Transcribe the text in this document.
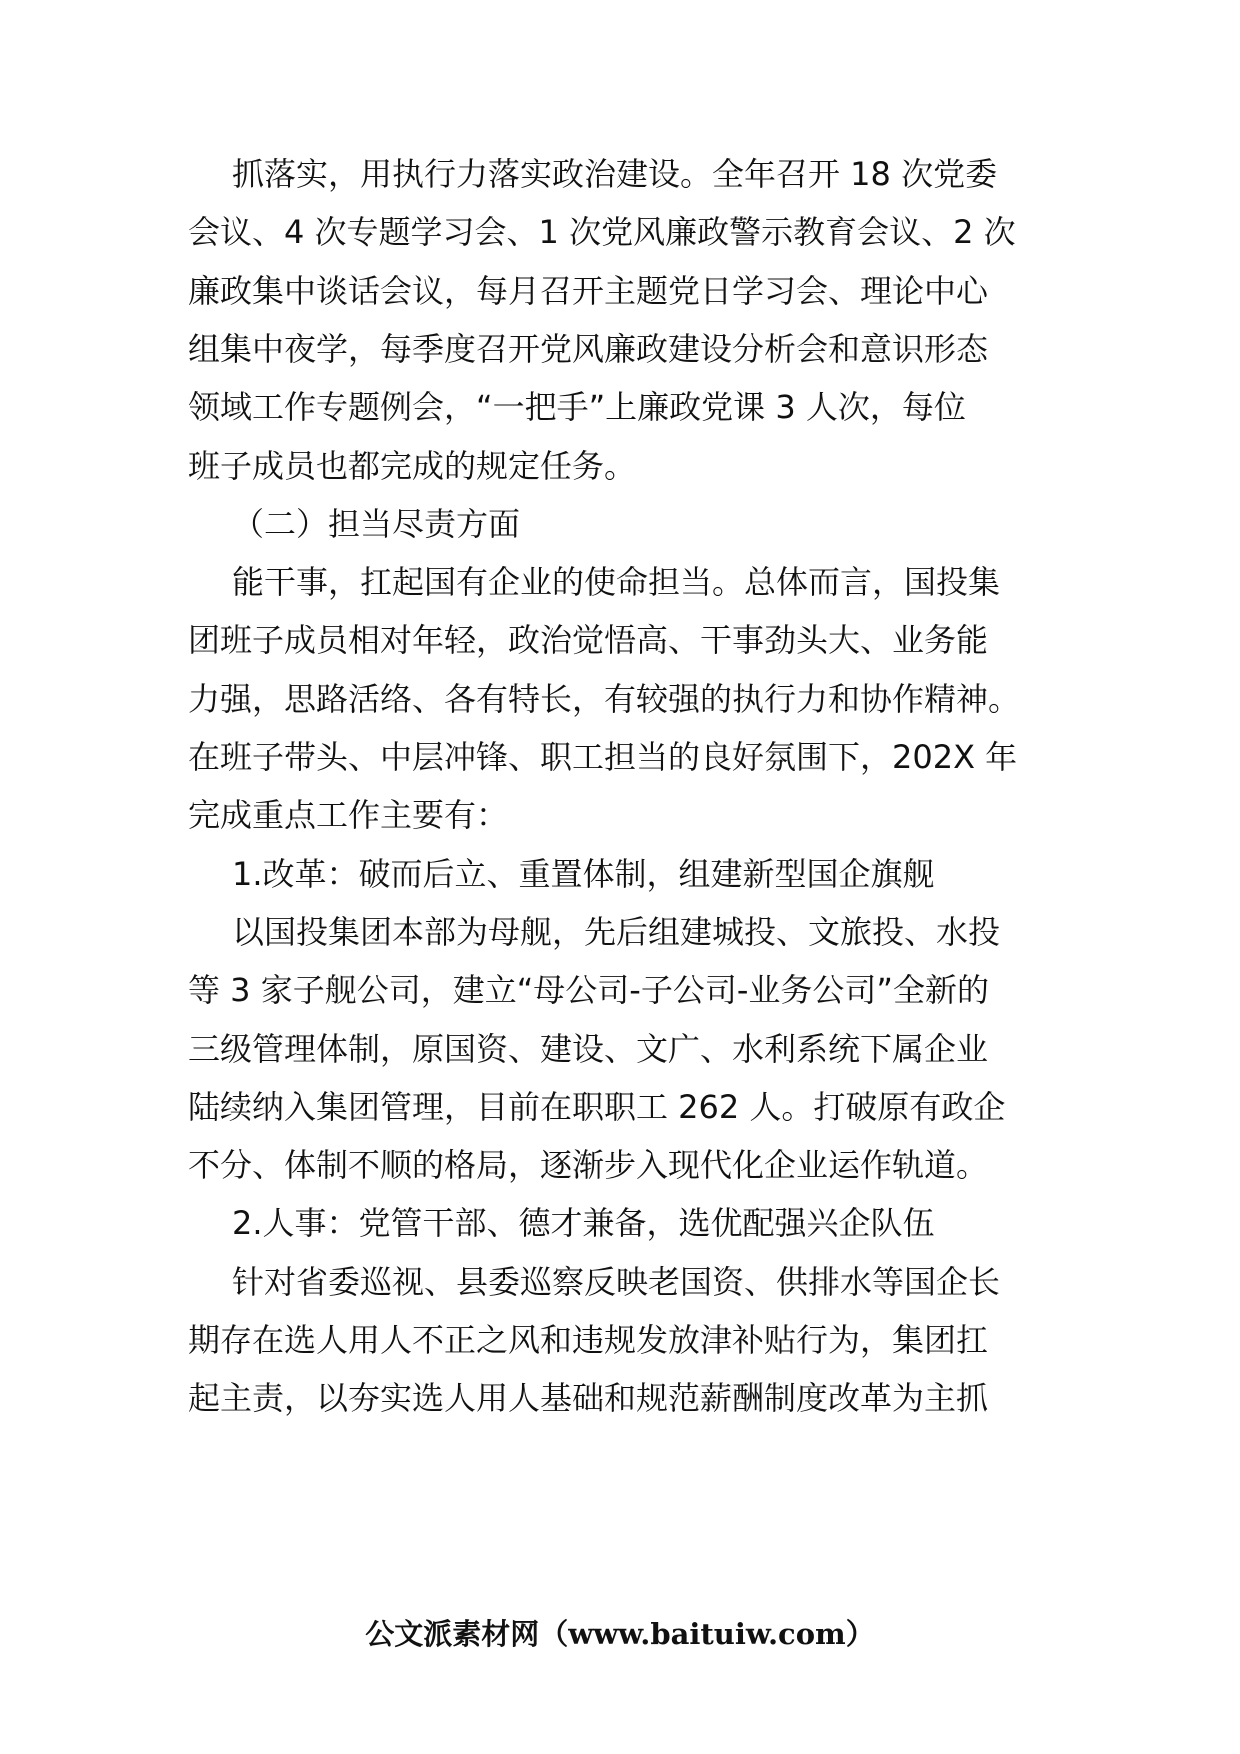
抓落实，用执行力落实政治建设。全年召开 18 次党委
会议、4 次专题学习会、1 次党风廉政警示教育会议、2 次
廉政集中谈话会议，每月召开主题党日学习会、理论中心
组集中夜学，每季度召开党风廉政建设分析会和意识形态
领域工作专题例会，“一把手”上廉政党课 3 人次，每位
班子成员也都完成的规定任务。
（二）担当尽责方面
能干事，扛起国有企业的使命担当。总体而言，国投集
团班子成员相对年轻，政治觉悟高、干事劲头大、业务能
力强，思路活络、各有特长，有较强的执行力和协作精神。
在班子带头、中层冲锋、职工担当的良好氛围下，202X 年
完成重点工作主要有：
1.改革：破而后立、重置体制，组建新型国企旗舰
以国投集团本部为母舰，先后组建城投、文旅投、水投
等 3 家子舰公司，建立“母公司-子公司-业务公司”全新的
三级管理体制，原国资、建设、文广、水利系统下属企业
陆续纳入集团管理，目前在职职工 262 人。打破原有政企
不分、体制不顺的格局，逐渐步入现代化企业运作轨道。
2.人事：党管干部、德才兼备，选优配强兴企队伍
针对省委巡视、县委巡察反映老国资、供排水等国企长
期存在选人用人不正之风和违规发放津补贴行为，集团扛
起主责，以夯实选人用人基础和规范薪酬制度改革为主抓
公文派素材网（www.baituiw.com）
